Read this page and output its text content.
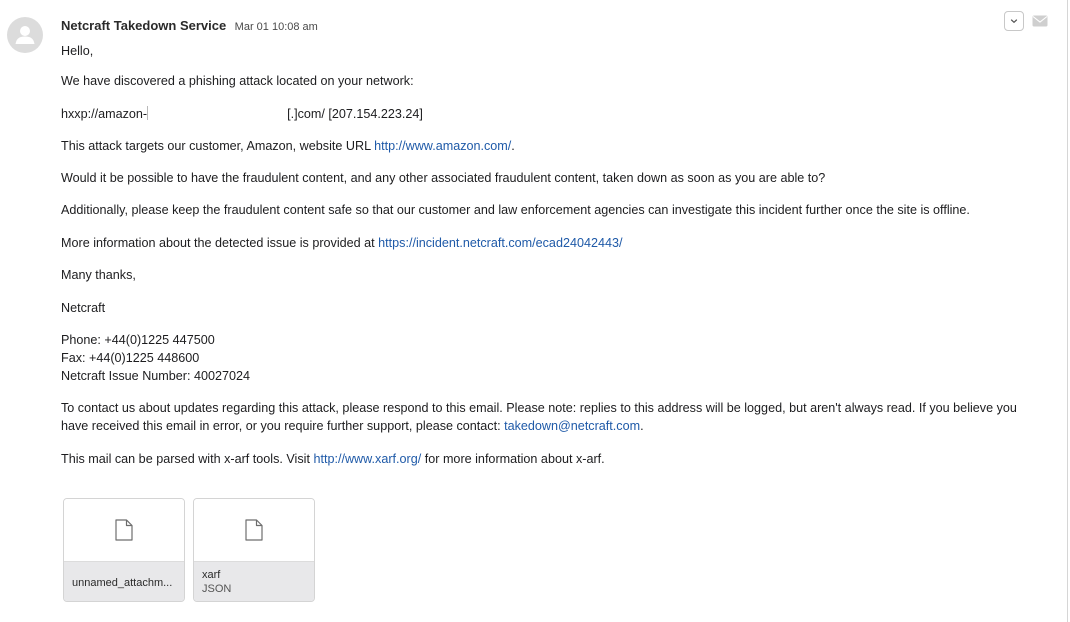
Netcraft Takedown Service Mar 01 10:08 am

Hello,

We have discovered a phishing attack located on your network:

hxxp://amazon-	[.]com/ [207.154.223.24]

This attack targets our customer, Amazon, website URL http://www.amazon.com/.

Would it be possible to have the fraudulent content, and any other associated fraudulent content, taken down as soon as you are able to?

Additionally, please keep the fraudulent content safe so that our customer and law enforcement agencies can investigate this incident further once the site is offline.

More information about the detected issue is provided at https://incident.netcraft.com/ecad24042443/

Many thanks,

Netcraft

Phone: +44(0)1225 447500

Fax: +44(0)1225 448600

Netcraft Issue Number: 40027024

To contact us about updates regarding this attack, please respond to this email. Please note: replies to this address will be logged, but aren't always read. If you believe you have received this email in error, or you require further support, please contact: takedown@netcraft.com.

This mail can be parsed with x-arf tools. Visit http://www.xarf.org/ for more information about x-arf.

unnamed_attachm...
xarf
JSON
